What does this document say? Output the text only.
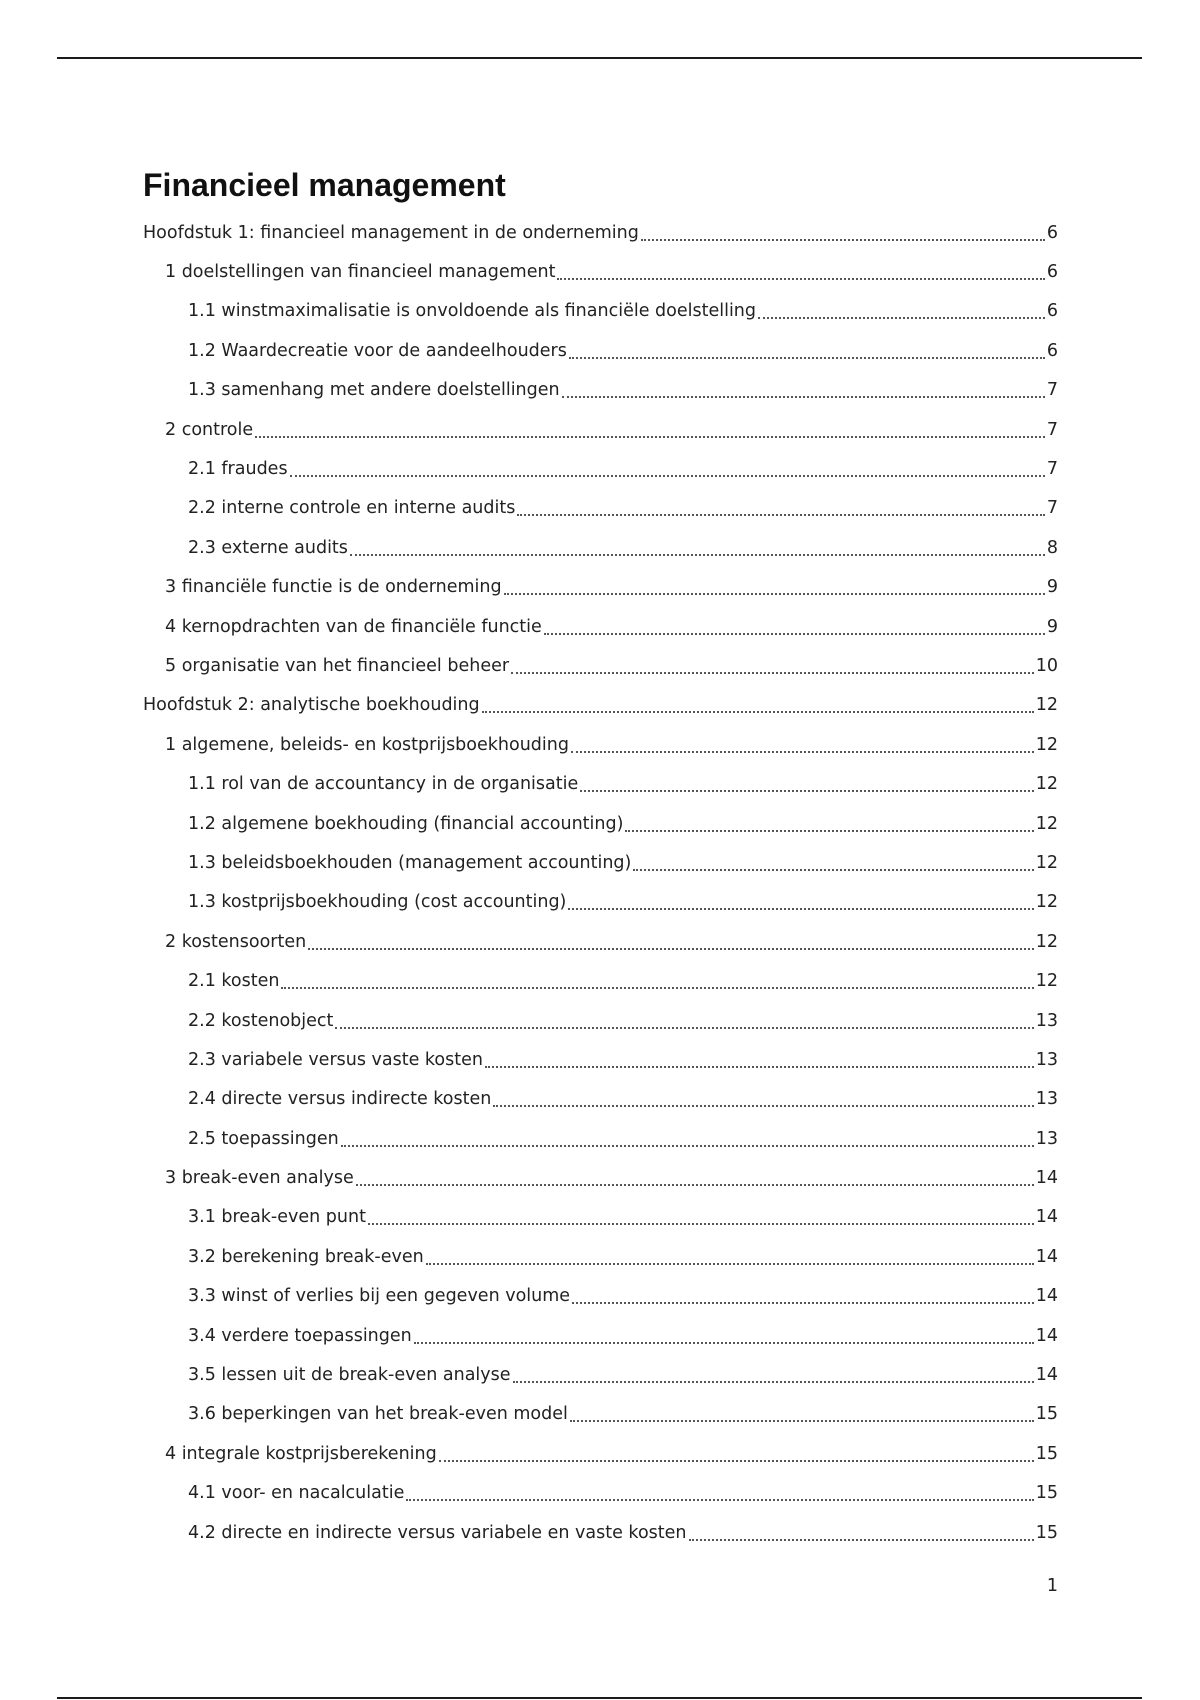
Financieel management
Hoofdstuk 1: financieel management in de onderneming	6
1 doelstellingen van financieel management	6
1.1 winstmaximalisatie is onvoldoende als financiële doelstelling	6
1.2 Waardecreatie voor de aandeelhouders	6
1.3 samenhang met andere doelstellingen	7
2 controle	7
2.1 fraudes	7
2.2 interne controle en interne audits	7
2.3 externe audits	8
3 financiële functie is de onderneming	9
4 kernopdrachten van de financiële functie	9
5 organisatie van het financieel beheer	10
Hoofdstuk 2: analytische boekhouding	12
1 algemene, beleids- en kostprijsboekhouding	12
1.1 rol van de accountancy in de organisatie	12
1.2 algemene boekhouding (financial accounting)	12
1.3 beleidsboekhouden (management accounting)	12
1.3 kostprijsboekhouding (cost accounting)	12
2 kostensoorten	12
2.1 kosten	12
2.2 kostenobject	13
2.3 variabele versus vaste kosten	13
2.4 directe versus indirecte kosten	13
2.5 toepassingen	13
3 break-even analyse	14
3.1 break-even punt	14
3.2 berekening break-even	14
3.3 winst of verlies bij een gegeven volume	14
3.4 verdere toepassingen	14
3.5 lessen uit de break-even analyse	14
3.6 beperkingen van het break-even model	15
4 integrale kostprijsberekening	15
4.1 voor- en nacalculatie	15
4.2 directe en indirecte versus variabele en vaste kosten	15
1
